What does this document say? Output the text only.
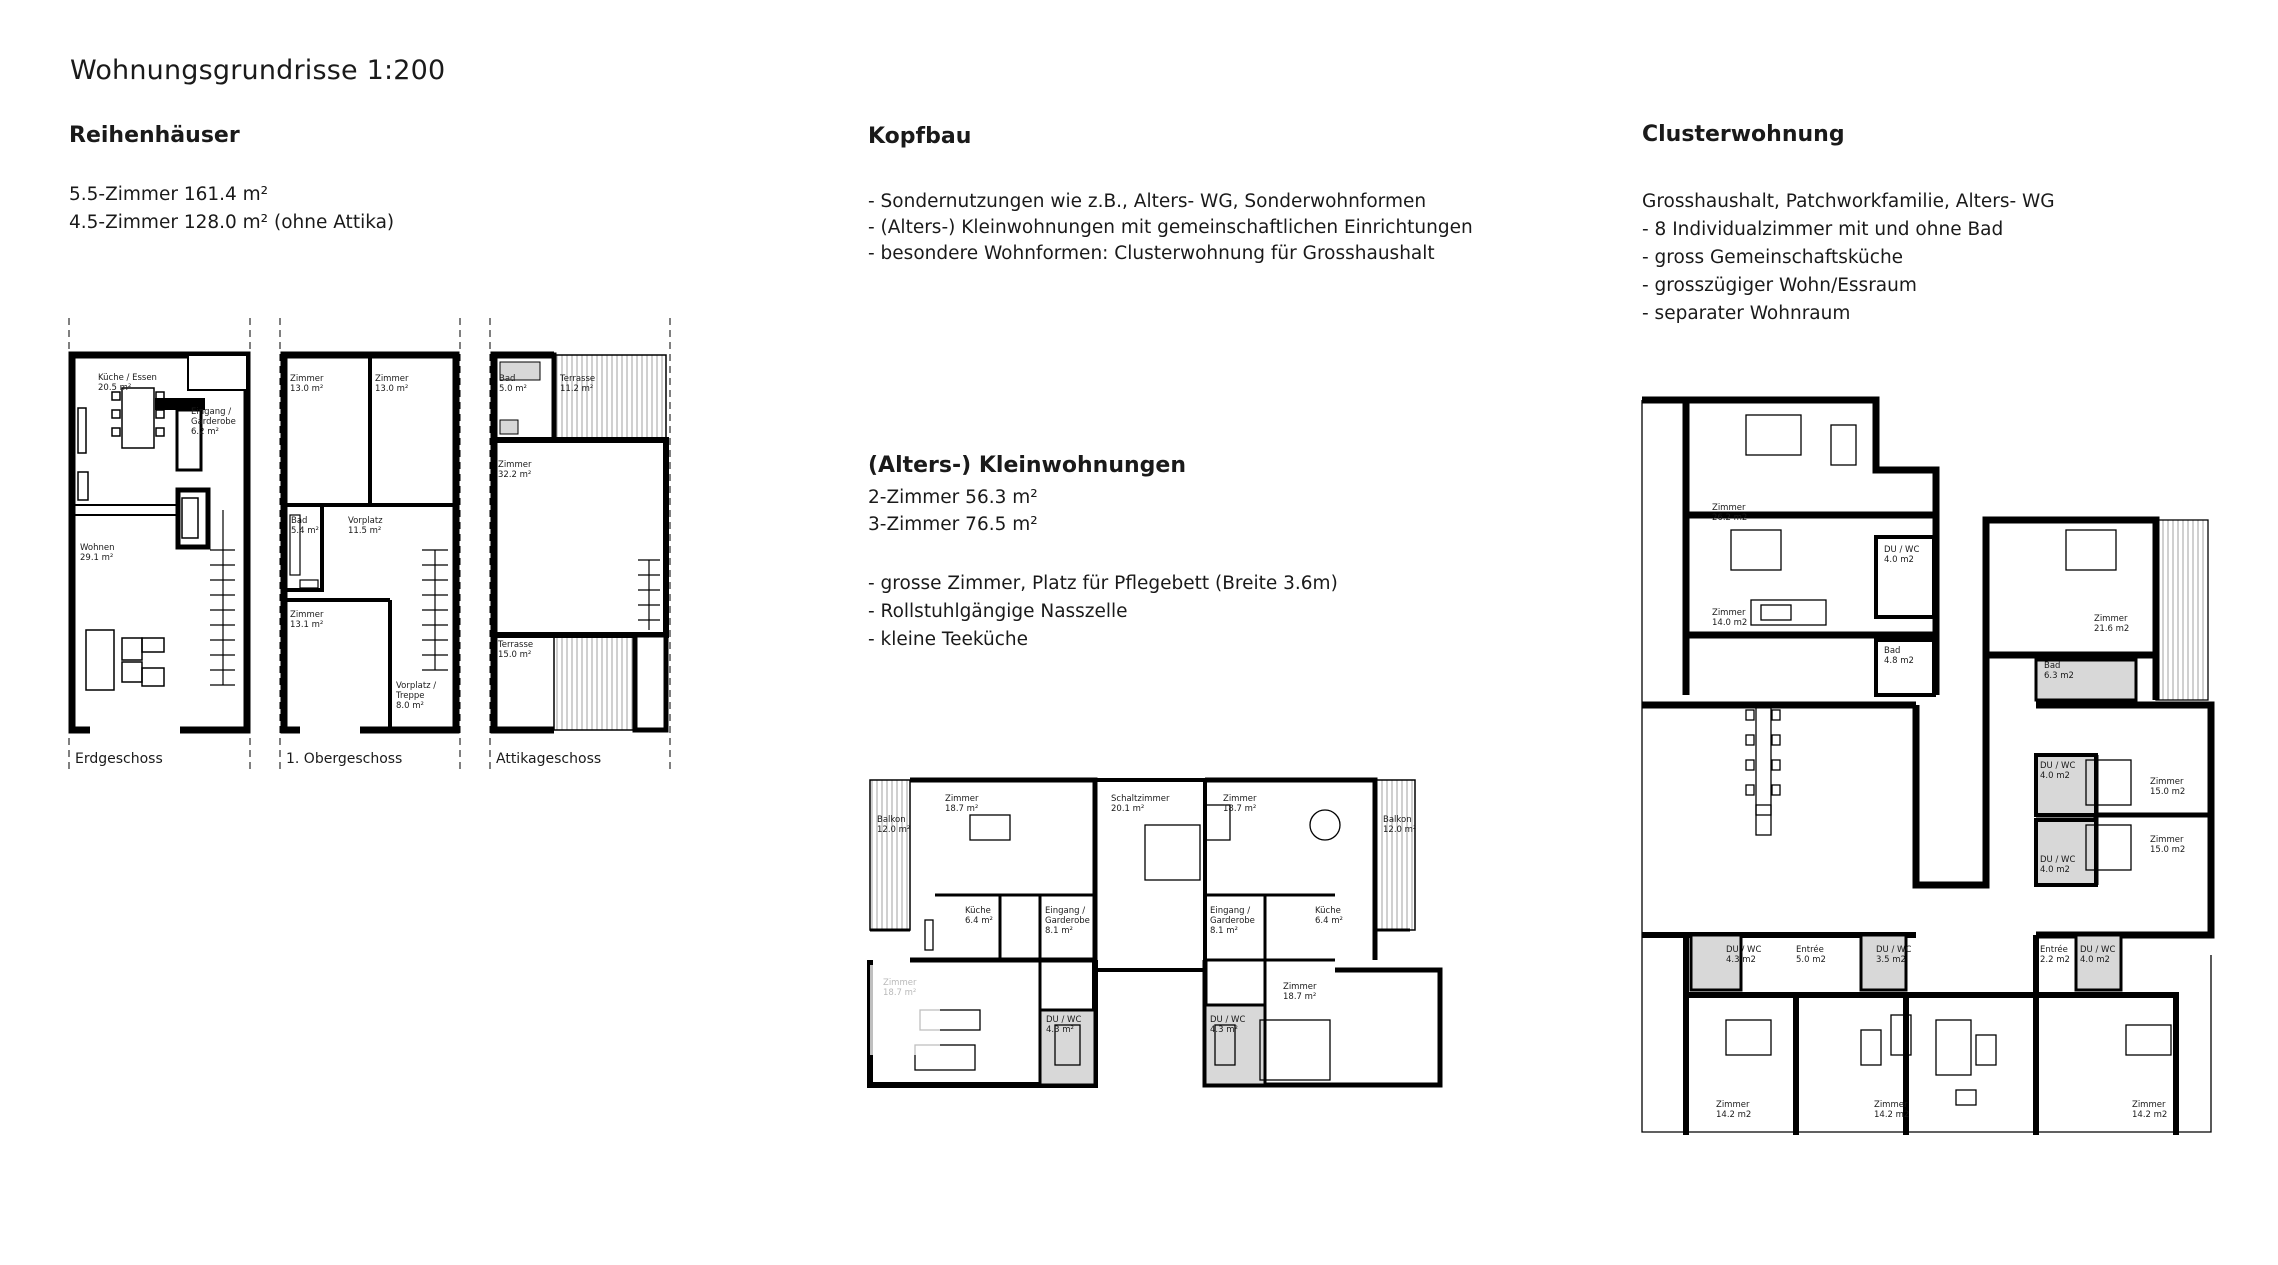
Wohnungsgrundrisse 1:200
Reihenhäuser
5.5-Zimmer 161.4 m²
4.5-Zimmer 128.0 m² (ohne Attika)
Kopfbau
- Sondernutzungen wie z.B., Alters- WG, Sonderwohnformen
- (Alters-) Kleinwohnungen mit gemeinschaftlichen Einrichtungen
- besondere Wohnformen: Clusterwohnung für Grosshaushalt
(Alters-) Kleinwohnungen
2-Zimmer 56.3 m²
3-Zimmer 76.5 m²
- grosse Zimmer, Platz für Pflegebett (Breite 3.6m)
- Rollstuhlgängige Nasszelle
- kleine Teeküche
Clusterwohnung
Grosshaushalt, Patchworkfamilie, Alters- WG
- 8 Individualzimmer mit und ohne Bad
- gross Gemeinschaftsküche
- grosszügiger Wohn/Essraum
- separater Wohnraum
Küche / Essen
20.5 m²
Eingang /
Garderobe
6.2 m²
Wohnen
29.1 m²
Zimmer
13.0 m²
Zimmer
13.0 m²
Bad
5.4 m²
Vorplatz
11.5 m²
Zimmer
13.1 m²
Vorplatz /
Treppe
8.0 m²
Bad
5.0 m²
Terrasse
11.2 m²
Zimmer
32.2 m²
Terrasse
15.0 m²
Erdgeschoss	1. Obergeschoss	Attikageschoss
Balkon
12.0 m²
Zimmer
18.7 m²
Schaltzimmer
20.1 m²
Zimmer
18.7 m²
Balkon
12.0 m²
Küche
6.4 m²
Eingang /
Garderobe
8.1 m²
Eingang /
Garderobe
8.1 m²
Küche
6.4 m²
Zimmer
18.7 m²
DU / WC
4.3 m²
DU / WC
4.3 m²
Zimmer
18.7 m²
Zimmer
26.2 m2
DU / WC
4.0 m2
Zimmer
14.0 m2
Bad
4.8 m2
Zimmer
21.6 m2
Bad
6.3 m2
DU / WC
4.0 m2
Zimmer
15.0 m2
DU / WC
4.0 m2
Zimmer
15.0 m2
DU / WC
4.3 m2
Entrée
5.0 m2
DU / WC
3.5 m2
Entrée
2.2 m2
DU / WC
4.0 m2
Zimmer
14.2 m2
Zimmer
14.2 m2
Zimmer
14.2 m2
